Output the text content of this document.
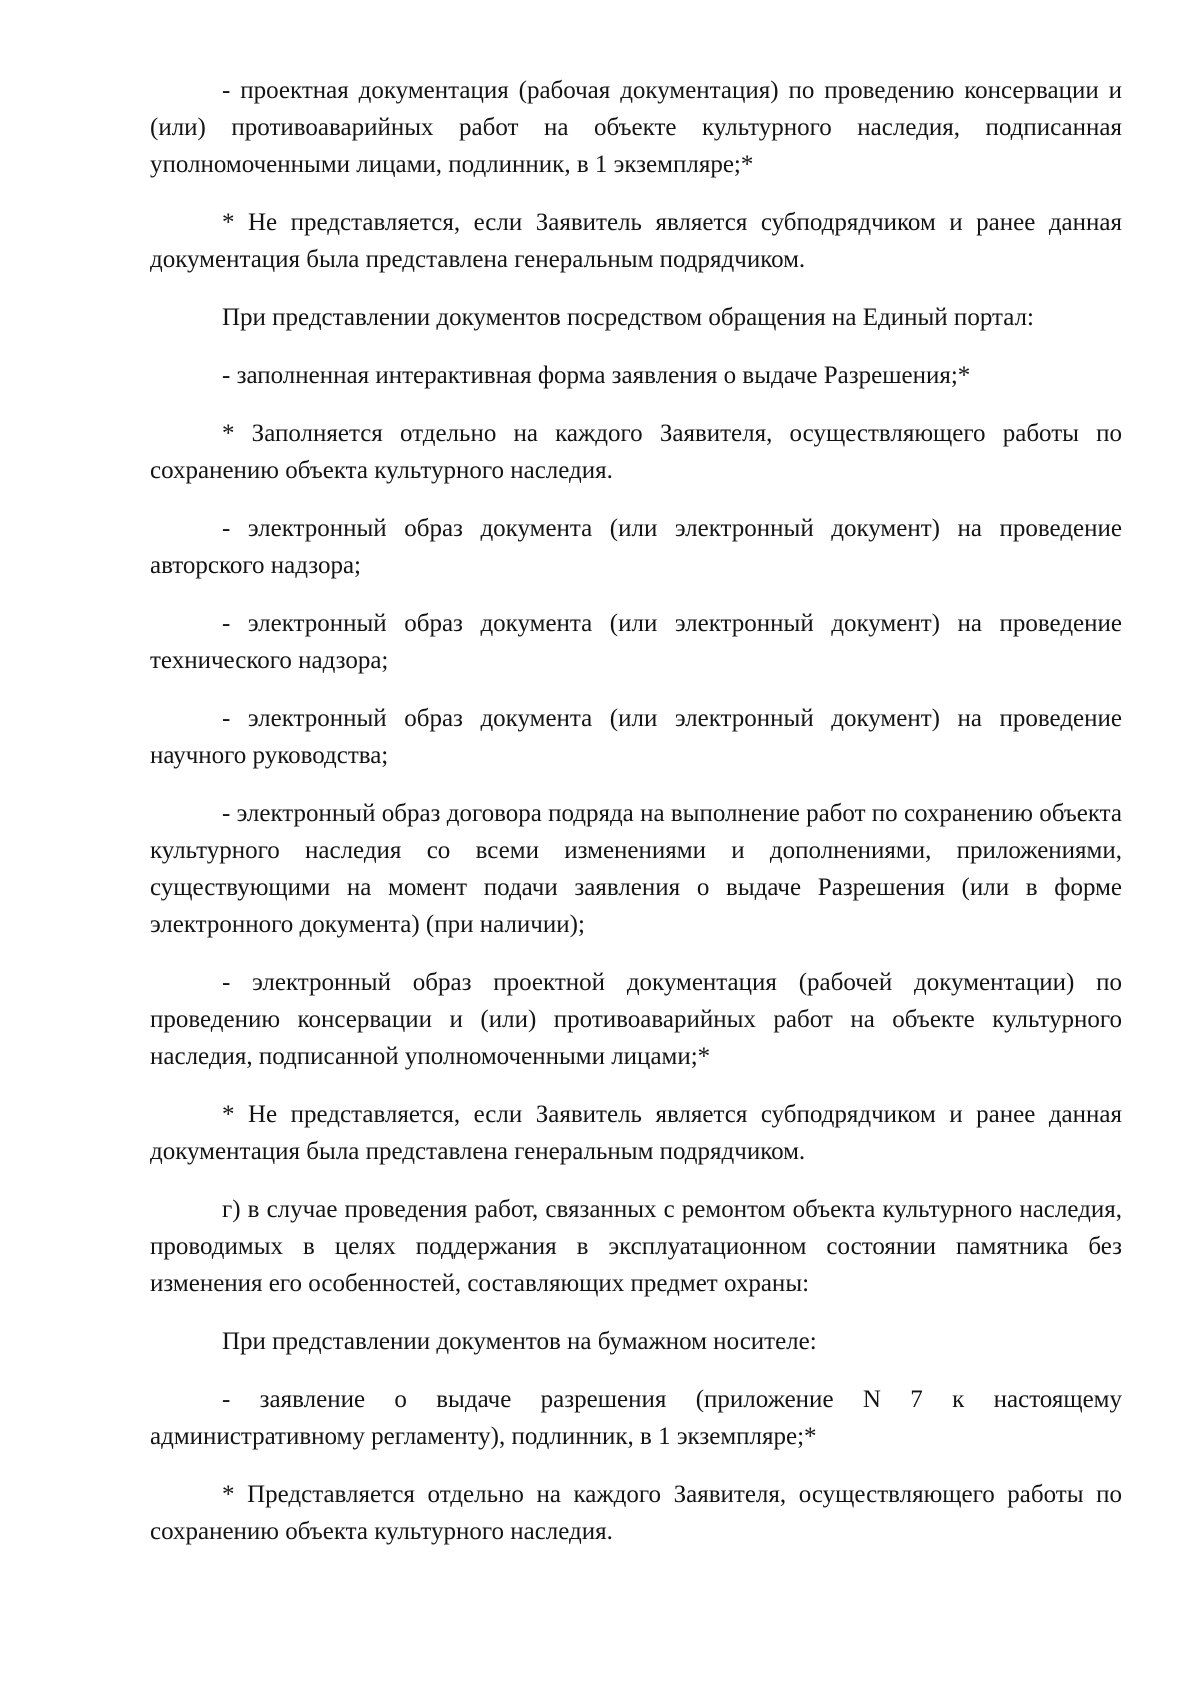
- проектная документация (рабочая документация) по проведению консервации и (или) противоаварийных работ на объекте культурного наследия, подписанная уполномоченными лицами, подлинник, в 1 экземпляре;*

* Не представляется, если Заявитель является субподрядчиком и ранее данная документация была представлена генеральным подрядчиком.

При представлении документов посредством обращения на Единый портал:

- заполненная интерактивная форма заявления о выдаче Разрешения;*

* Заполняется отдельно на каждого Заявителя, осуществляющего работы по сохранению объекта культурного наследия.

- электронный образ документа (или электронный документ) на проведение авторского надзора;

- электронный образ документа (или электронный документ) на проведение технического надзора;

- электронный образ документа (или электронный документ) на проведение научного руководства;

- электронный образ договора подряда на выполнение работ по сохранению объекта культурного наследия со всеми изменениями и дополнениями, приложениями, существующими на момент подачи заявления о выдаче Разрешения (или в форме электронного документа) (при наличии);

- электронный образ проектной документация (рабочей документации) по проведению консервации и (или) противоаварийных работ на объекте культурного наследия, подписанной уполномоченными лицами;*

* Не представляется, если Заявитель является субподрядчиком и ранее данная документация была представлена генеральным подрядчиком.

г) в случае проведения работ, связанных с ремонтом объекта культурного наследия, проводимых в целях поддержания в эксплуатационном состоянии памятника без изменения его особенностей, составляющих предмет охраны:

При представлении документов на бумажном носителе:

- заявление о выдаче разрешения (приложение N 7 к настоящему административному регламенту), подлинник, в 1 экземпляре;*

* Представляется отдельно на каждого Заявителя, осуществляющего работы по сохранению объекта культурного наследия.
